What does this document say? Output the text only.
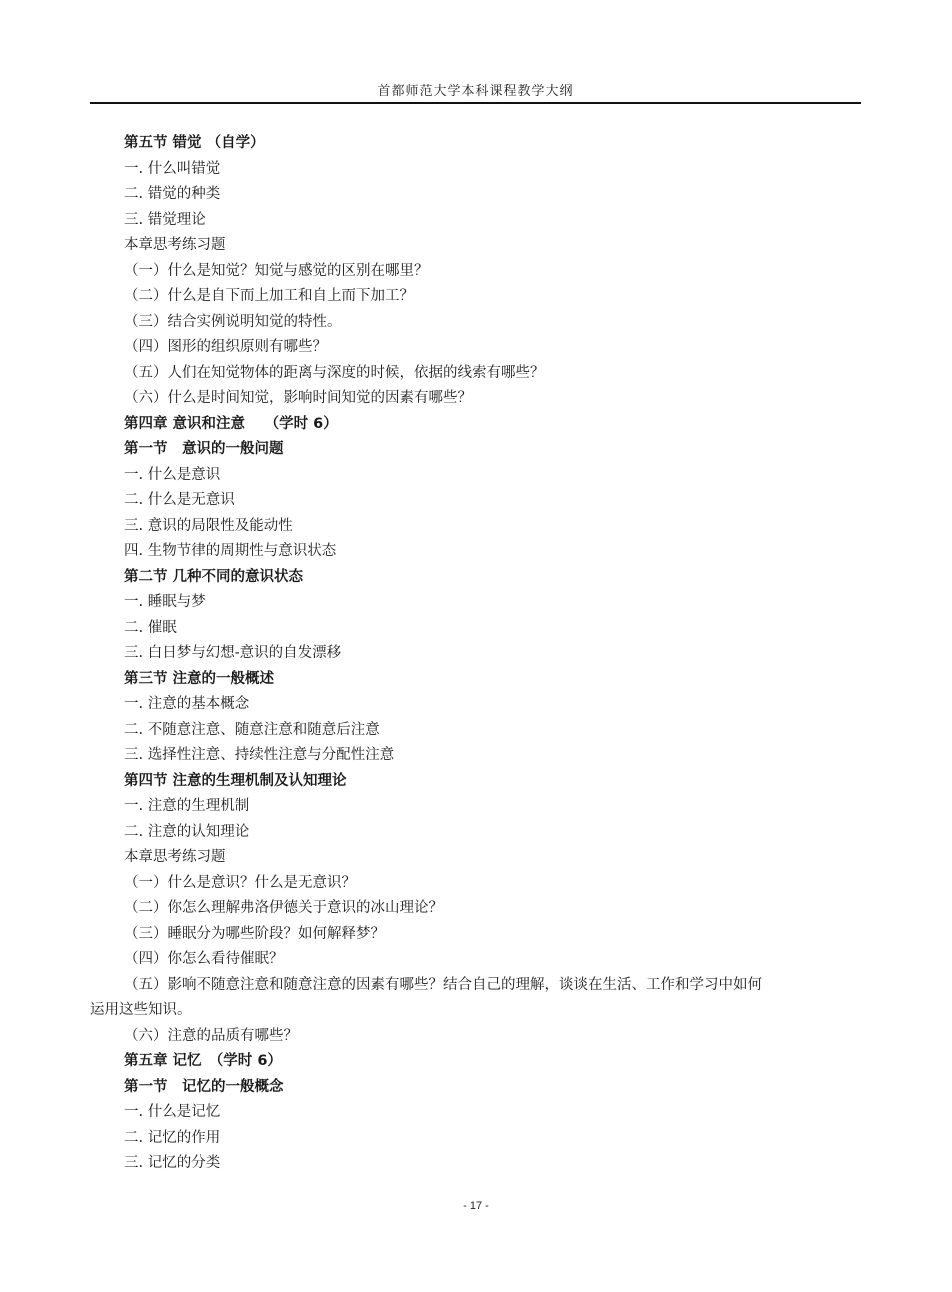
首都师范大学本科课程教学大纲
第五节 错觉 （自学）
一. 什么叫错觉
二. 错觉的种类
三. 错觉理论
本章思考练习题
（一）什么是知觉？知觉与感觉的区别在哪里？
（二）什么是自下而上加工和自上而下加工？
（三）结合实例说明知觉的特性。
（四）图形的组织原则有哪些？
（五）人们在知觉物体的距离与深度的时候，依据的线索有哪些？
（六）什么是时间知觉，影响时间知觉的因素有哪些？
第四章 意识和注意　 （学时 6）
第一节　意识的一般问题
一. 什么是意识
二. 什么是无意识
三. 意识的局限性及能动性
四. 生物节律的周期性与意识状态
第二节 几种不同的意识状态
一. 睡眠与梦
二. 催眠
三. 白日梦与幻想-意识的自发漂移
第三节 注意的一般概述
一. 注意的基本概念
二. 不随意注意、随意注意和随意后注意
三. 选择性注意、持续性注意与分配性注意
第四节 注意的生理机制及认知理论
一. 注意的生理机制
二. 注意的认知理论
本章思考练习题
（一）什么是意识？什么是无意识？
（二）你怎么理解弗洛伊德关于意识的冰山理论？
（三）睡眠分为哪些阶段？如何解释梦？
（四）你怎么看待催眠？
（五）影响不随意注意和随意注意的因素有哪些？结合自己的理解，谈谈在生活、工作和学习中如何
运用这些知识。
（六）注意的品质有哪些？
第五章 记忆　（学时 6）
第一节　记忆的一般概念
一. 什么是记忆
二. 记忆的作用
三. 记忆的分类
- 17 -
